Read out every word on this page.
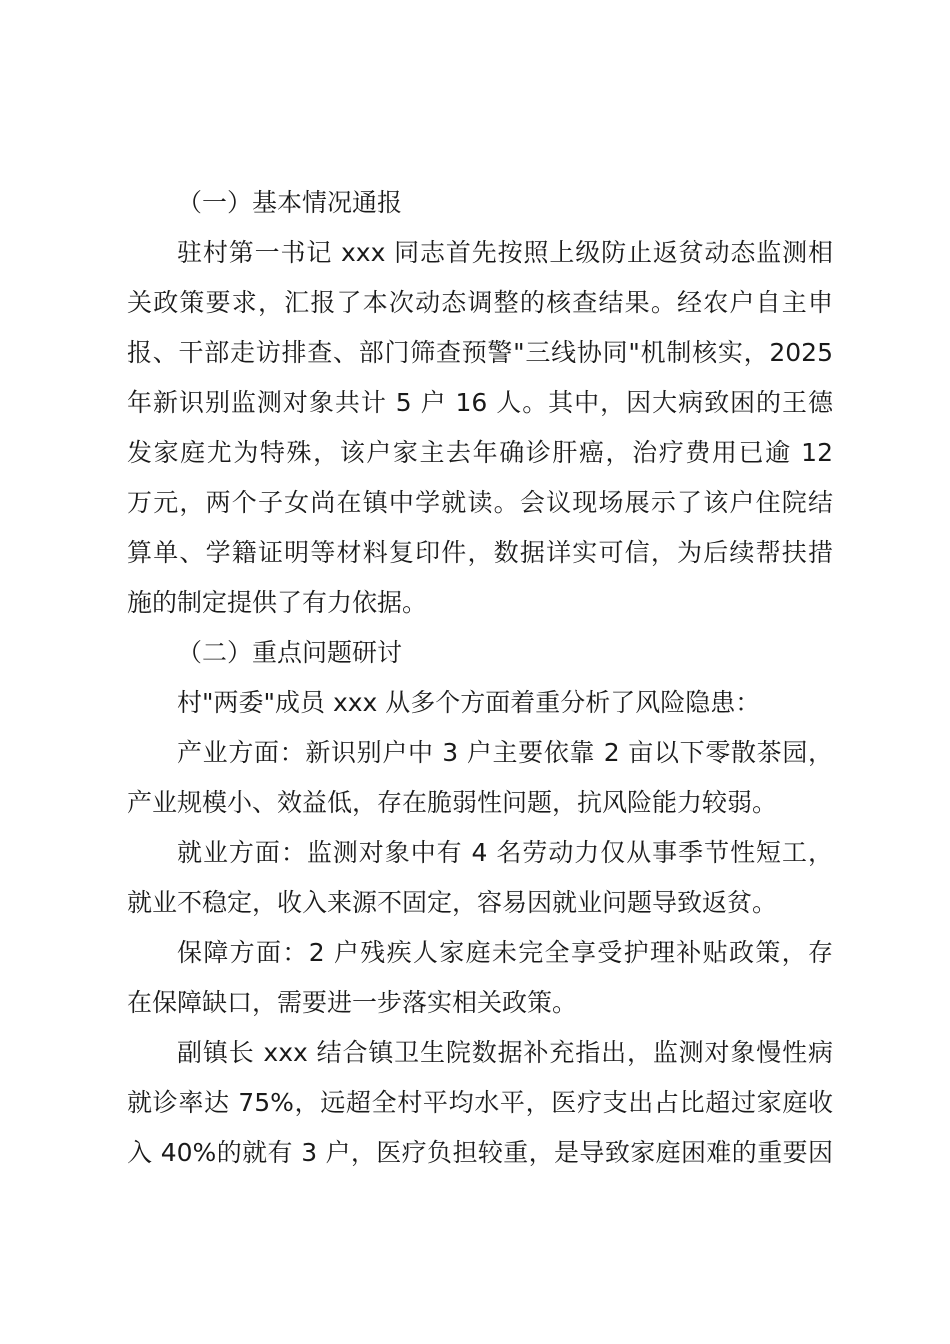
（一）基本情况通报
驻村第一书记 xxx 同志首先按照上级防止返贫动态监测相
关政策要求，汇报了本次动态调整的核查结果。经农户自主申
报、干部走访排查、部门筛查预警"三线协同"机制核实，2025
年新识别监测对象共计 5 户 16 人。其中，因大病致困的王德
发家庭尤为特殊，该户家主去年确诊肝癌，治疗费用已逾 12
万元，两个子女尚在镇中学就读。会议现场展示了该户住院结
算单、学籍证明等材料复印件，数据详实可信，为后续帮扶措
施的制定提供了有力依据。
（二）重点问题研讨
村"两委"成员 xxx 从多个方面着重分析了风险隐患：
产业方面：新识别户中 3 户主要依靠 2 亩以下零散茶园，
产业规模小、效益低，存在脆弱性问题，抗风险能力较弱。
就业方面：监测对象中有 4 名劳动力仅从事季节性短工，
就业不稳定，收入来源不固定，容易因就业问题导致返贫。
保障方面：2 户残疾人家庭未完全享受护理补贴政策，存
在保障缺口，需要进一步落实相关政策。
副镇长 xxx 结合镇卫生院数据补充指出，监测对象慢性病
就诊率达 75%，远超全村平均水平，医疗支出占比超过家庭收
入 40%的就有 3 户，医疗负担较重，是导致家庭困难的重要因
